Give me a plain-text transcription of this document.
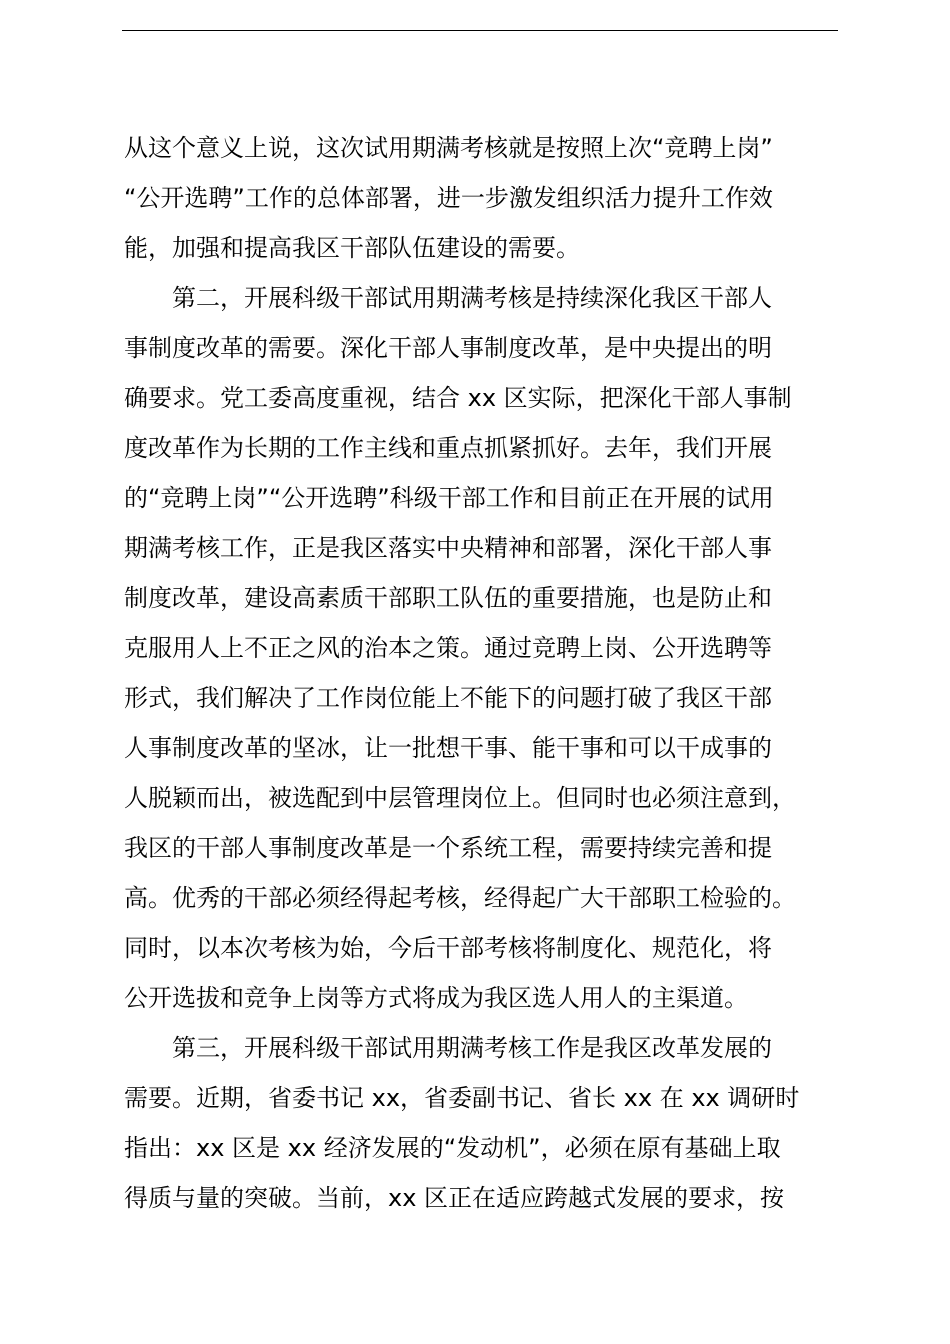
从这个意义上说，这次试用期满考核就是按照上次“竞聘上岗”
“公开选聘”工作的总体部署，进一步激发组织活力提升工作效
能，加强和提高我区干部队伍建设的需要。
　　第二，开展科级干部试用期满考核是持续深化我区干部人
事制度改革的需要。深化干部人事制度改革，是中央提出的明
确要求。党工委高度重视，结合 xx 区实际，把深化干部人事制
度改革作为长期的工作主线和重点抓紧抓好。去年，我们开展
的“竞聘上岗”“公开选聘”科级干部工作和目前正在开展的试用
期满考核工作，正是我区落实中央精神和部署，深化干部人事
制度改革，建设高素质干部职工队伍的重要措施，也是防止和
克服用人上不正之风的治本之策。通过竞聘上岗、公开选聘等
形式，我们解决了工作岗位能上不能下的问题打破了我区干部
人事制度改革的坚冰，让一批想干事、能干事和可以干成事的
人脱颖而出，被选配到中层管理岗位上。但同时也必须注意到，
我区的干部人事制度改革是一个系统工程，需要持续完善和提
高。优秀的干部必须经得起考核，经得起广大干部职工检验的。
同时，以本次考核为始，今后干部考核将制度化、规范化，将
公开选拔和竞争上岗等方式将成为我区选人用人的主渠道。
　　第三，开展科级干部试用期满考核工作是我区改革发展的
需要。近期，省委书记 xx，省委副书记、省长 xx 在 xx 调研时
指出：xx 区是 xx 经济发展的“发动机”，必须在原有基础上取
得质与量的突破。当前，xx 区正在适应跨越式发展的要求，按
